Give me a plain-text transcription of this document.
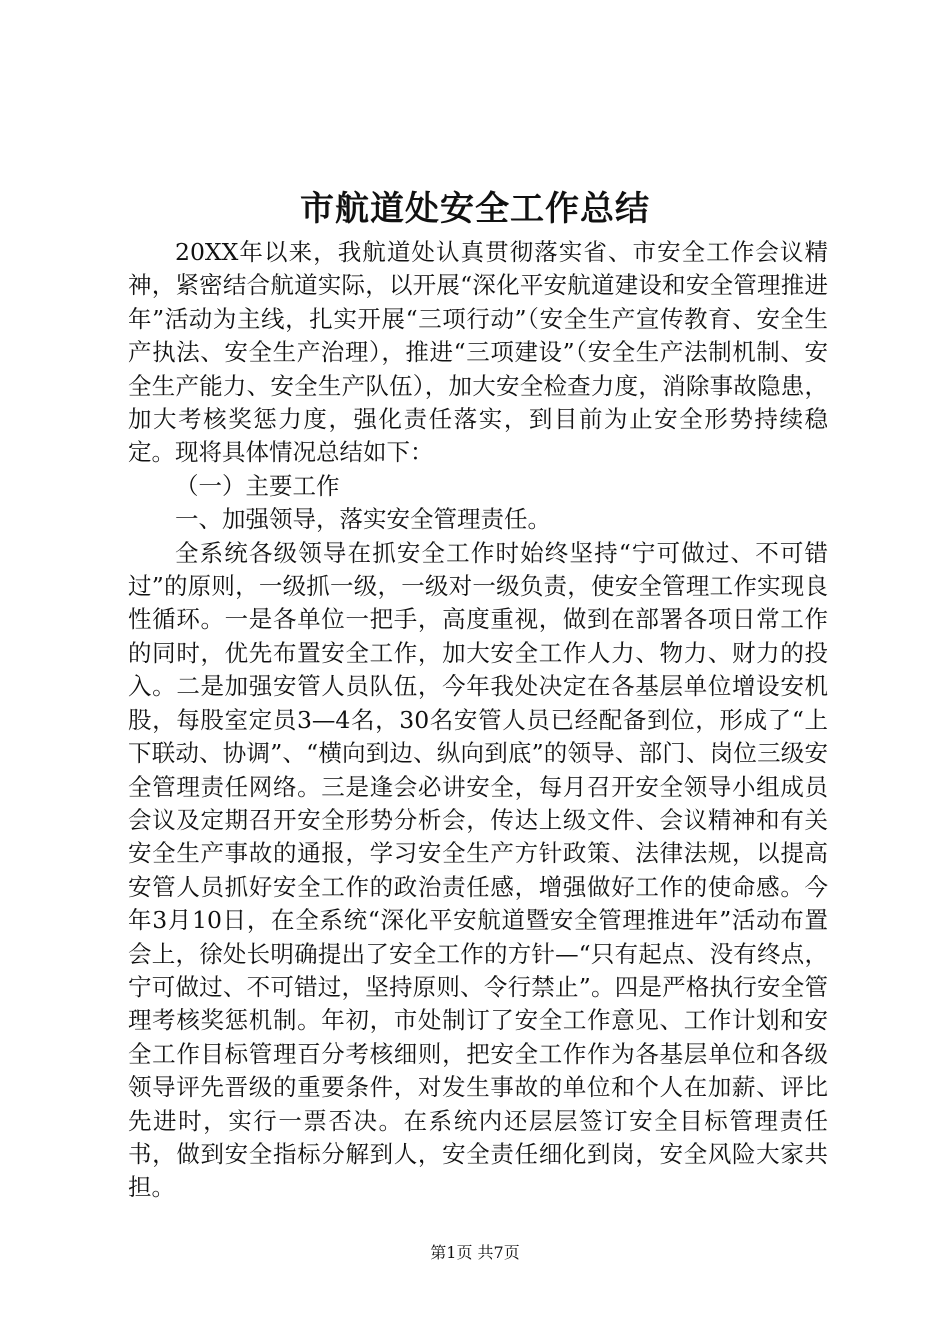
市航道处安全工作总结

20XX年以来，我航道处认真贯彻落实省、市安全工作会议精神，紧密结合航道实际，以开展“深化平安航道建设和安全管理推进年”活动为主线，扎实开展“三项行动”（安全生产宣传教育、安全生产执法、安全生产治理），推进“三项建设”（安全生产法制机制、安全生产能力、安全生产队伍），加大安全检查力度，消除事故隐患，加大考核奖惩力度，强化责任落实，到目前为止安全形势持续稳定。现将具体情况总结如下：

（一）主要工作

一、加强领导，落实安全管理责任。

全系统各级领导在抓安全工作时始终坚持“宁可做过、不可错过”的原则，一级抓一级，一级对一级负责，使安全管理工作实现良性循环。一是各单位一把手，高度重视，做到在部署各项日常工作的同时，优先布置安全工作，加大安全工作人力、物力、财力的投入。二是加强安管人员队伍，今年我处决定在各基层单位增设安机股，每股室定员3—4名，30名安管人员已经配备到位，形成了“上下联动、协调”、“横向到边、纵向到底”的领导、部门、岗位三级安全管理责任网络。三是逢会必讲安全，每月召开安全领导小组成员会议及定期召开安全形势分析会，传达上级文件、会议精神和有关安全生产事故的通报，学习安全生产方针政策、法律法规，以提高安管人员抓好安全工作的政治责任感，增强做好工作的使命感。今年3月10日，在全系统“深化平安航道暨安全管理推进年”活动布置会上，徐处长明确提出了安全工作的方针—“只有起点、没有终点，宁可做过、不可错过，坚持原则、令行禁止”。四是严格执行安全管理考核奖惩机制。年初，市处制订了安全工作意见、工作计划和安全工作目标管理百分考核细则，把安全工作作为各基层单位和各级领导评先晋级的重要条件，对发生事故的单位和个人在加薪、评比先进时，实行一票否决。在系统内还层层签订安全目标管理责任书，做到安全指标分解到人，安全责任细化到岗，安全风险大家共担。

第1页 共7页
